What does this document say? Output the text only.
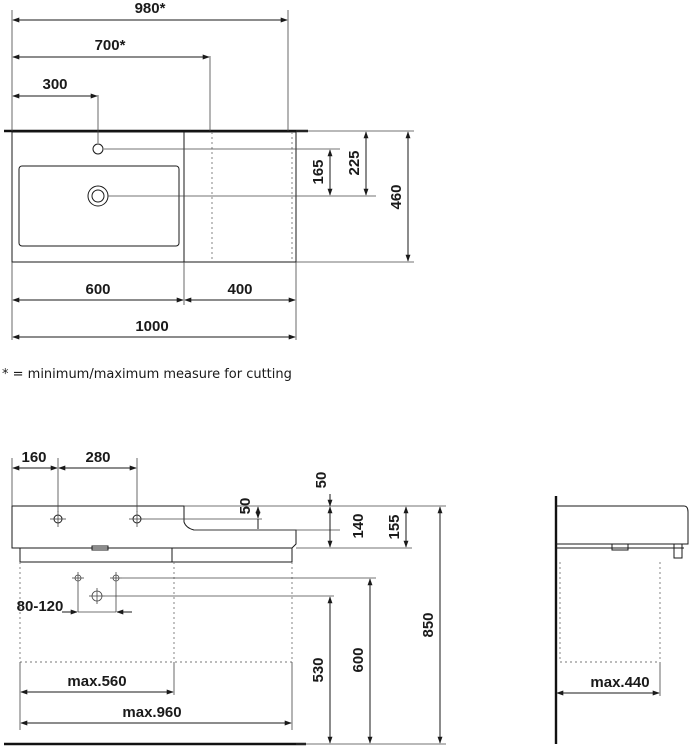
980*
700*
300
165 225
460
600	400
1000
* = minimum/maximum measure for cutting
160	280
50
50
140 155
530 600
850
80-120
max.560
max.960
max.440
